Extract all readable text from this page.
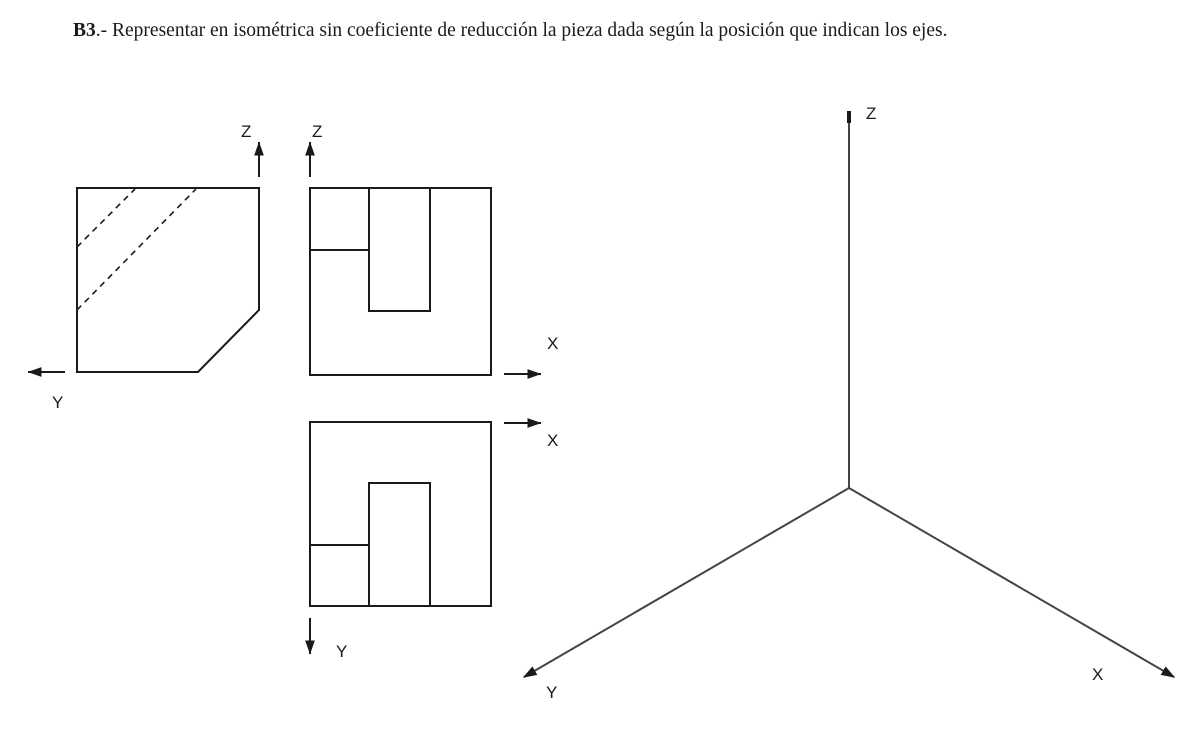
B3.- Representar en isométrica sin coeficiente de reducción la pieza dada según la posición que indican los ejes.
Z
Y
Z
X
X
Y
Z
X
Y
